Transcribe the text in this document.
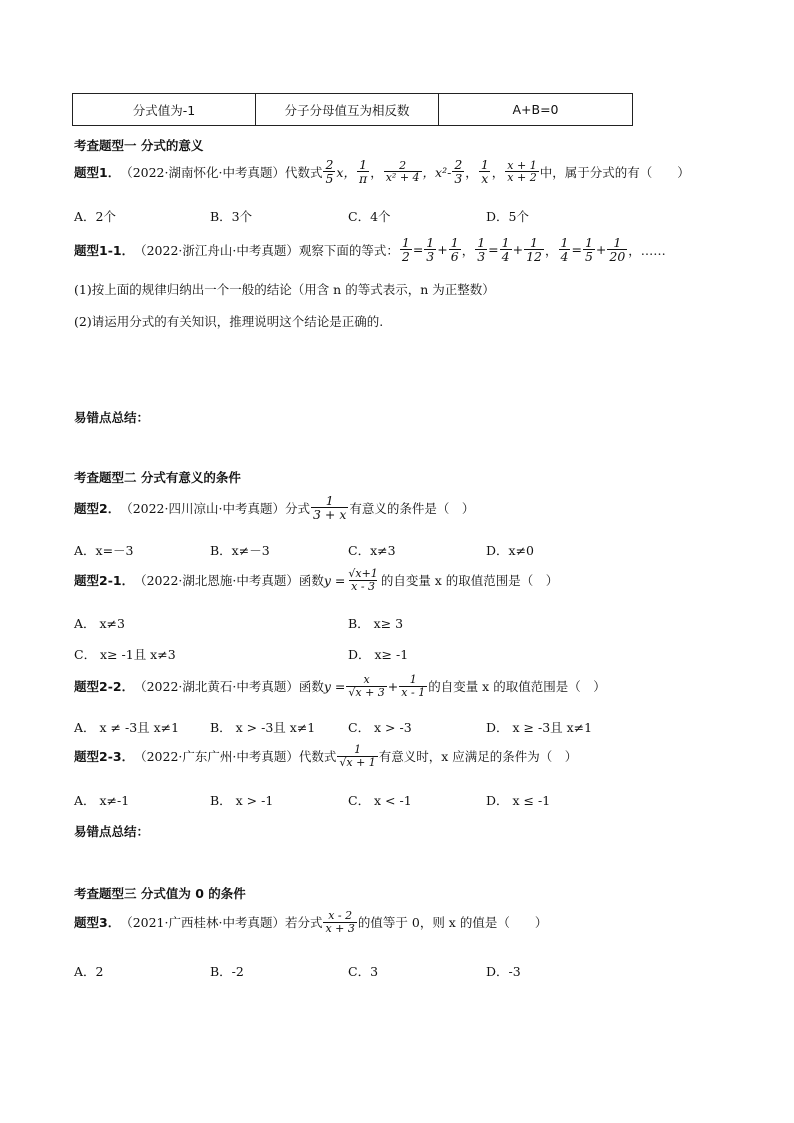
分式值为-1	分子分母值互为相反数	A+B=0
考查题型一 分式的意义
题型1． （2022·湖南怀化·中考真题）代数式 $\frac{2}{5}$ x， $\frac{1}{\pi}$ ， $\frac{2}{\text{x² + 4}}$ ，$x^2- \frac{2}{3}$ ， $\frac{1}{x}$ ， $\frac{x + 1}{x + 2}$ 中，属于分式的有（　　）
A．2个	B．3个	C．4个	D．5个
题型1-1． （2022·浙江舟山·中考真题）观察下面的等式： $\frac{1}{2} = \frac{1}{3} + \frac{1}{6}$ ， $\frac{1}{3} = \frac{1}{4} + \frac{1}{12}$ ， $\frac{1}{4} = \frac{1}{5} + \frac{1}{20}$ ，……
(1)按上面的规律归纳出一个一般的结论（用含 n 的等式表示，n 为正整数）
(2)请运用分式的有关知识，推理说明这个结论是正确的.
易错点总结：
考查题型二 分式有意义的条件
题型2． （2022·四川凉山·中考真题）分式 $\frac{1}{3 + x}$ 有意义的条件是（　）
A．x=－3	B．x≠－3	C．x≠3	D．x≠0
题型2-1． （2022·湖北恩施·中考真题）函数 $y = \frac{√x+1}{x - 3}$ 的自变量 x 的取值范围是（　）
A． x≠3	B． x≥ 3
C． x≥ -1且 x≠3	D． x≥ -1
题型2-2． （2022·湖北黄石·中考真题）函数 $y = \frac{x}{√x + 3} + \frac{1}{x - 1}$ 的自变量 x 的取值范围是（　）
A． x ≠ -3且 x≠1 B． x > -3且 x≠1	C． x > -3	D． x ≥ -3且 x≠1
题型2-3． （2022·广东广州·中考真题）代数式 $\frac{1}{√x + 1}$ 有意义时，x 应满足的条件为（　）
A． x≠-1	B． x > -1	C． x < -1	D． x ≤ -1
易错点总结：
考查题型三 分式值为 0 的条件
题型3． （2021·广西桂林·中考真题）若分式 $\frac{x - 2}{x + 3}$ 的值等于 0，则 x 的值是（　　）
A．2	B．-2	C．3	D．-3
